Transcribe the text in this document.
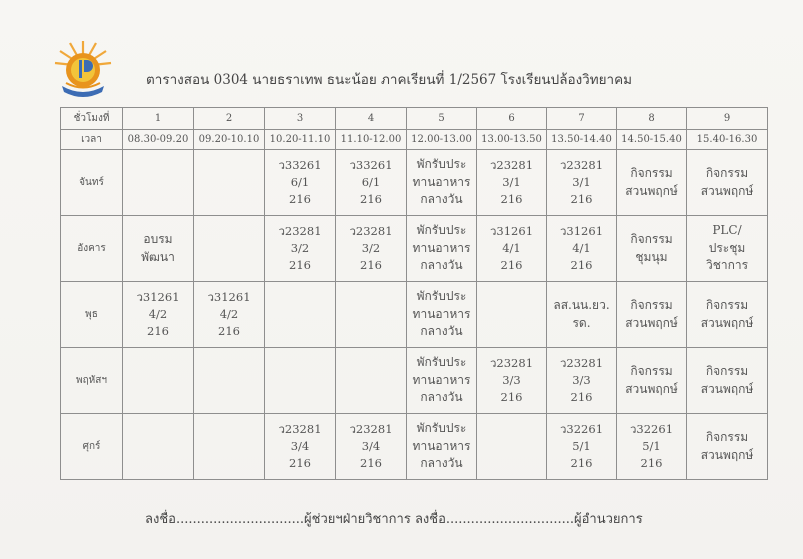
ตารางสอน 0304 นายธราเทพ ธนะน้อย ภาคเรียนที่ 1/2567 โรงเรียนปล้องวิทยาคม
ชั่วโมงที่	1	2	3	4	5	6	7	8	9
เวลา	08.30-09.20	09.20-10.10	10.20-11.10	11.10-12.00	12.00-13.00	13.00-13.50	13.50-14.40	14.50-15.40	15.40-16.30
จันทร์			ว33261
6/1
216	ว33261
6/1
216	พักรับประ
ทานอาหาร
กลางวัน	ว23281
3/1
216	ว23281
3/1
216	กิจกรรม
สวนพฤกษ์	กิจกรรม
สวนพฤกษ์

อังคาร	อบรม
พัฒนา		ว23281
3/2
216	ว23281
3/2
216	พักรับประ
ทานอาหาร
กลางวัน	ว31261
4/1
216	ว31261
4/1
216	กิจกรรม
ชุมนุม	PLC/
ประชุม
วิชาการ

พุธ	ว31261
4/2
216	ว31261
4/2
216			พักรับประ
ทานอาหาร
กลางวัน		ลส.นน.ยว.
รด.	กิจกรรม
สวนพฤกษ์	กิจกรรม
สวนพฤกษ์

พฤหัสฯ					พักรับประ
ทานอาหาร
กลางวัน	ว23281
3/3
216	ว23281
3/3
216	กิจกรรม
สวนพฤกษ์	กิจกรรม
สวนพฤกษ์

ศุกร์			ว23281
3/4
216	ว23281
3/4
216	พักรับประ
ทานอาหาร
กลางวัน		ว32261
5/1
216	ว32261
5/1
216	กิจกรรม
สวนพฤกษ์
ลงชื่อ...............................ผู้ช่วยฯฝ่ายวิชาการ ลงชื่อ...............................ผู้อำนวยการ
